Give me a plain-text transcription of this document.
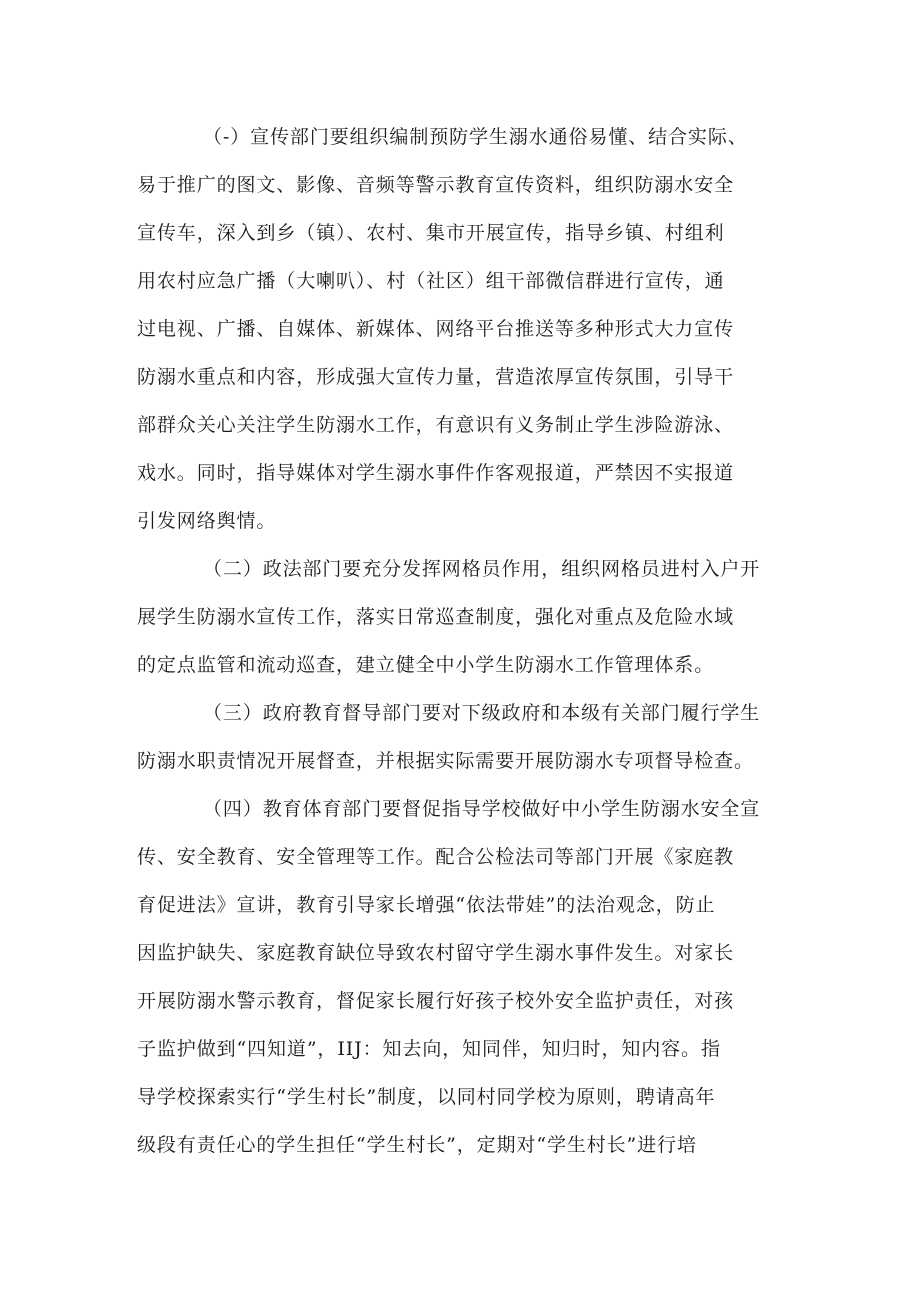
（-）宣传部门要组织编制预防学生溺水通俗易懂、结合实际、
易于推广的图文、影像、音频等警示教育宣传资料，组织防溺水安全
宣传车，深入到乡（镇）、农村、集市开展宣传，指导乡镇、村组利
用农村应急广播（大喇叭）、村（社区）组干部微信群进行宣传，通
过电视、广播、自媒体、新媒体、网络平台推送等多种形式大力宣传
防溺水重点和内容，形成强大宣传力量，营造浓厚宣传氛围，引导干
部群众关心关注学生防溺水工作，有意识有义务制止学生涉险游泳、
戏水。同时，指导媒体对学生溺水事件作客观报道，严禁因不实报道
引发网络舆情。
（二）政法部门要充分发挥网格员作用，组织网格员进村入户开
展学生防溺水宣传工作，落实日常巡查制度，强化对重点及危险水域
的定点监管和流动巡查，建立健全中小学生防溺水工作管理体系。
（三）政府教育督导部门要对下级政府和本级有关部门履行学生
防溺水职责情况开展督查，并根据实际需要开展防溺水专项督导检查。
（四）教育体育部门要督促指导学校做好中小学生防溺水安全宣
传、安全教育、安全管理等工作。配合公检法司等部门开展《家庭教
育促进法》宣讲，教育引导家长增强“依法带娃”的法治观念，防止
因监护缺失、家庭教育缺位导致农村留守学生溺水事件发生。对家长
开展防溺水警示教育，督促家长履行好孩子校外安全监护责任，对孩
子监护做到“四知道”，IIJ：知去向，知同伴，知归时，知内容。指
导学校探索实行“学生村长”制度，以同村同学校为原则，聘请高年
级段有责任心的学生担任“学生村长”，定期对“学生村长”进行培
